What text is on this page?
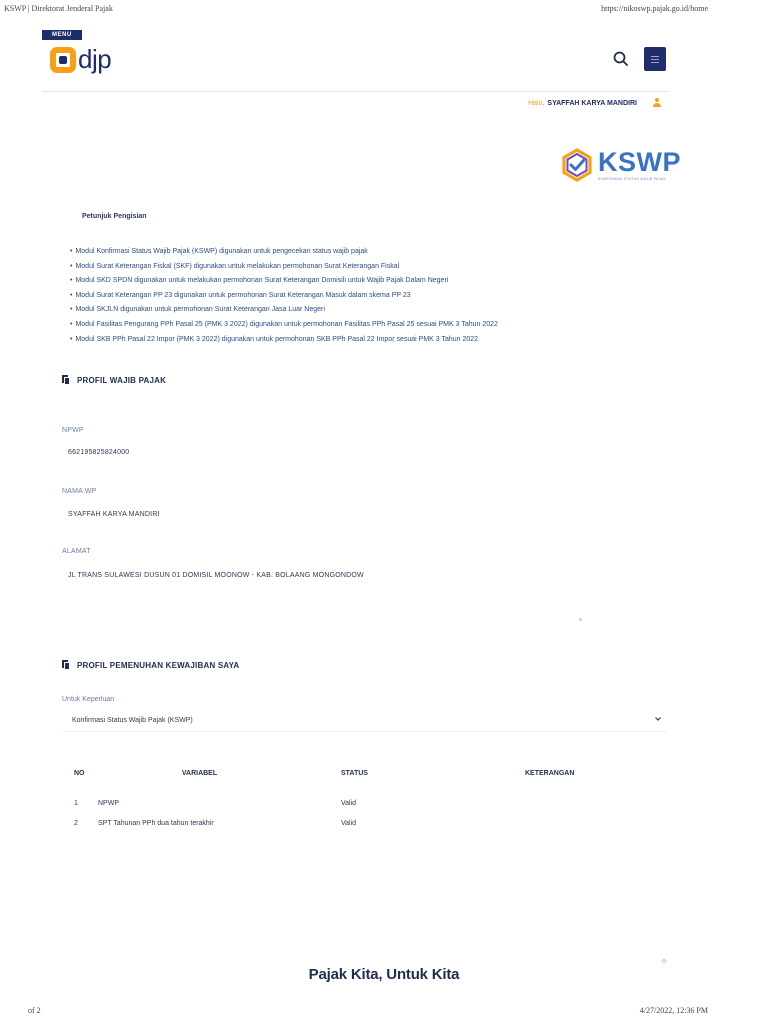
KSWP | Direktorat Jenderal Pajak	https://nikoswp.pajak.go.id/home
MENU
djp
Halo, SYAFFAH KARYA MANDIRI
KSWP
KONFIRMASI STATUS WAJIB PAJAK
Petunjuk Pengisian
• Modul Konfirmasi Status Wajib Pajak (KSWP) digunakan untuk pengecekan status wajib pajak
• Modul Surat Keterangan Fiskal (SKF) digunakan untuk melakukan permohonan Surat Keterangan Fiskal
• Modul SKD SPDN digunakan untuk melakukan permohonan Surat Keterangan Domisili untuk Wajib Pajak Dalam Negeri
• Modul Surat Keterangan PP 23 digunakan untuk permohonan Surat Keterangan Masuk dalam skema PP 23
• Modul SKJLN digunakan untuk permohonan Surat Keterangan Jasa Luar Negeri
• Modul Fasilitas Pengurang PPh Pasal 25 (PMK 3 2022) digunakan untuk permohonan Fasilitas PPh Pasal 25 sesuai PMK 3 Tahun 2022
• Modul SKB PPh Pasal 22 Impor (PMK 3 2022) digunakan untuk permohonan SKB PPh Pasal 22 Impor sesuai PMK 3 Tahun 2022
PROFIL WAJIB PAJAK
NPWP
662195825824000
NAMA WP
SYAFFAH KARYA MANDIRI
ALAMAT
JL TRANS SULAWESI DUSUN 01 DOMISIL MOONOW - KAB. BOLAANG MONGONDOW
PROFIL PEMENUHAN KEWAJIBAN SAYA
Untuk Keperluan
Konfirmasi Status Wajib Pajak (KSWP)
NO	VARIABEL	STATUS	KETERANGAN
1	NPWP	Valid	
2	SPT Tahunan PPh dua tahun terakhir	Valid	
Pajak Kita, Untuk Kita
of 2	4/27/2022, 12:36 PM
